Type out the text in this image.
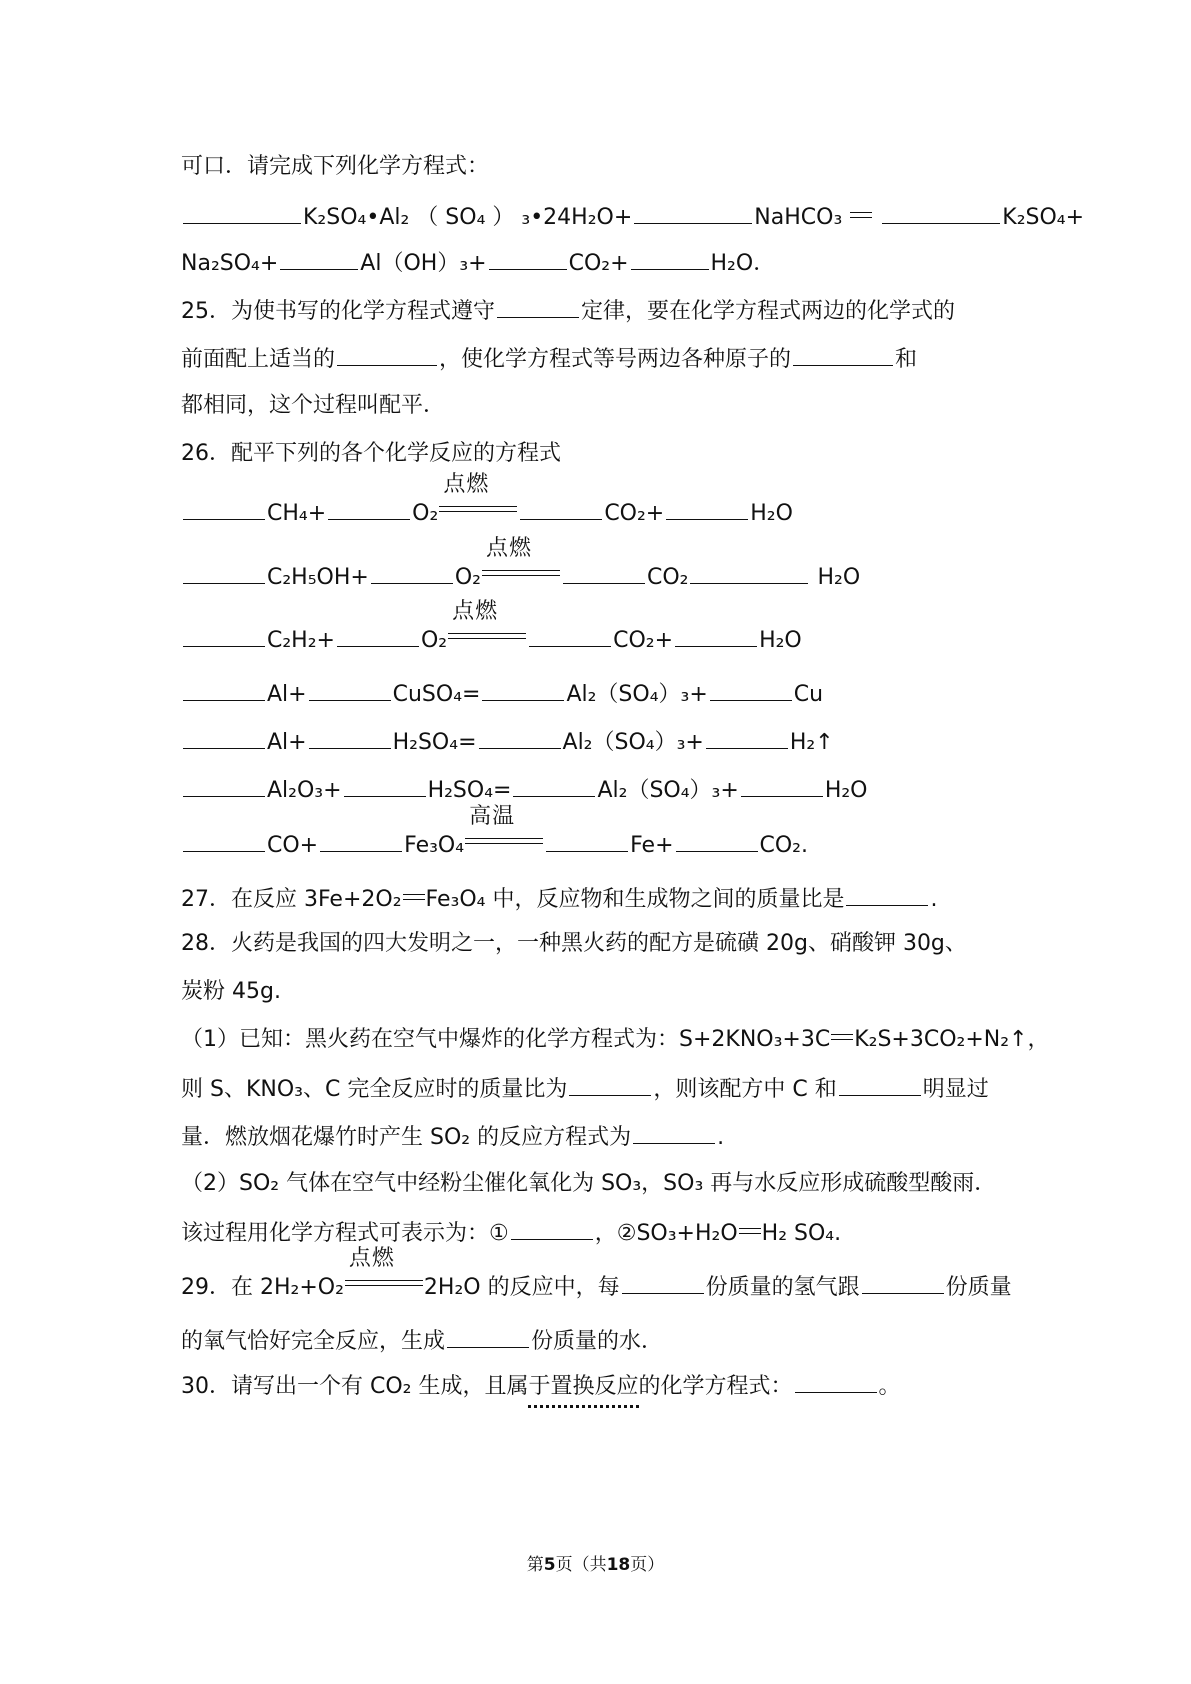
可口．请完成下列化学方程式：
K₂SO₄•Al₂ （ SO₄ ） ₃•24H₂O+	NaHCO₃	K₂SO₄+
Na₂SO₄+	Al（OH）₃+	CO₂+	H₂O．
25．为使书写的化学方程式遵守	定律，要在化学方程式两边的化学式的
前面配上适当的	，使化学方程式等号两边各种原子的	和
都相同，这个过程叫配平．
26．配平下列的各个化学反应的方程式
CH₄+	O₂
点燃
CO₂+	H₂O
C₂H₅OH+	O₂
点燃
CO₂	H₂O
C₂H₂+	O₂
点燃
CO₂+	H₂O
Al+	CuSO₄=	Al₂（SO₄）₃+	Cu
Al+	H₂SO₄=	Al₂（SO₄）₃+	H₂↑
Al₂O₃+	H₂SO₄=	Al₂（SO₄）₃+	H₂O
CO+	Fe₃O₄
高温
Fe+	CO₂.
27．在反应 3Fe+2O₂ Fe₃O₄ 中，反应物和生成物之间的质量比是	.
28．火药是我国的四大发明之一，一种黑火药的配方是硫磺 20g、硝酸钾 30g、
炭粉 45g.
（1）已知：黑火药在空气中爆炸的化学方程式为：S+2KNO₃+3C K₂S+3CO₂+N₂↑，
则 S、KNO₃、C 完全反应时的质量比为	，则该配方中 C 和	明显过
量．燃放烟花爆竹时产生 SO₂ 的反应方程式为	.
（2）SO₂ 气体在空气中经粉尘催化氧化为 SO₃，SO₃ 再与水反应形成硫酸型酸雨．
该过程用化学方程式可表示为：①	，②SO₃+H₂O H₂ SO₄.
29．在 2H₂+O₂
点燃
2H₂O 的反应中，每	份质量的氢气跟	份质量
的氧气恰好完全反应，生成	份质量的水．
30．请写出一个有 CO₂ 生成，且属于置换反应的化学方程式：	。
第5页（共18页）
